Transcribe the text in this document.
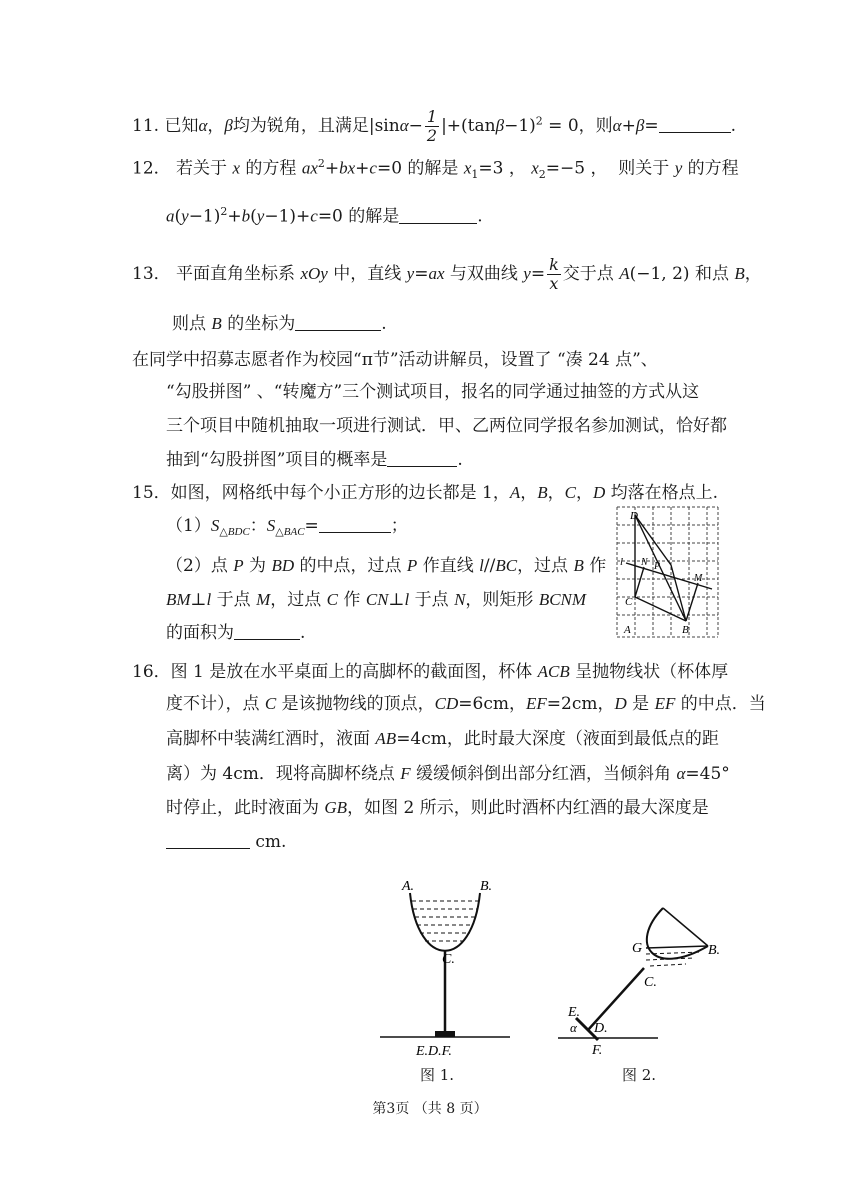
11. 已知α，β均为锐角，且满足$|\sin\alpha- \frac{1}{2} |+(\tan\beta-1)^2 = 0$，则α+β=	.
12． 若关于 x 的方程 $ax^2+bx+c=0$ 的解是 $x_1=3$ ， $x_2=-5$ ，  则关于 y 的方程
$a(y-1)^2+b(y-1)+c=0$ 的解是	.
13． 平面直角坐标系 xOy 中，直线 y=ax 与双曲线 $y= \frac{k}{x}$ 交于点 A(−1, 2) 和点 B，
则点 B 的坐标为	.
在同学中招募志愿者作为校园“π节”活动讲解员，设置了 “凑 24 点”、
“勾股拼图” 、“转魔方”三个测试项目，报名的同学通过抽签的方式从这
三个项目中随机抽取一项进行测试．甲、乙两位同学报名参加测试，恰好都
抽到“勾股拼图”项目的概率是	.
15．如图，网格纸中每个小正方形的边长都是 1，A，B，C，D 均落在格点上.
$(1)S_{\triangle BDC}$：$S_{\triangle BAC}=$	；
（2）点 P 为 BD 的中点，过点 P 作直线 l//BC，过点 B 作
BM⊥l 于点 M，过点 C 作 CN⊥l 于点 N，则矩形 BCNM
的面积为	.
D
l N P
M
C
A	B
16．图 1 是放在水平桌面上的高脚杯的截面图，杯体 ACB 呈抛物线状（杯体厚
度不计），点 C 是该抛物线的顶点，CD=6cm，EF=2cm，D 是 EF 的中点．当
高脚杯中装满红酒时，液面 AB=4cm，此时最大深度（液面到最低点的距
离）为 4cm．现将高脚杯绕点 F 缓缓倾斜倒出部分红酒，当倾斜角 α=45°
时停止，此时液面为 GB，如图 2 所示，则此时酒杯内红酒的最大深度是
cm.
A.	B.
C.
E.D.F.
图 1.
G	B.
C.
E.
α D.
F.
图 2.
第3页 （共 8 页）
